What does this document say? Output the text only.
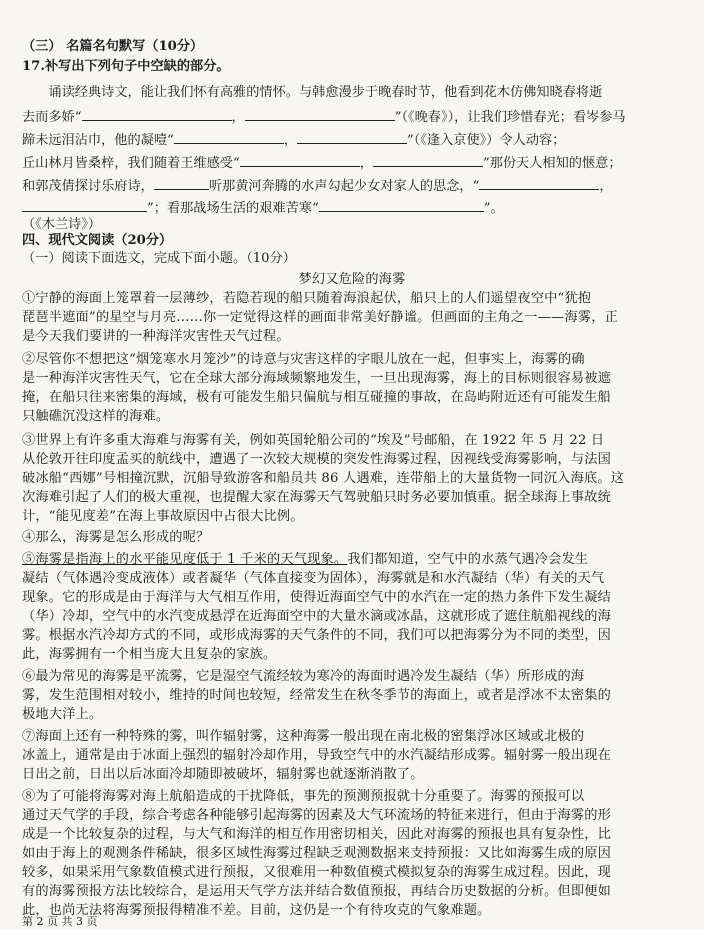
（三） 名篇名句默写（10分）
17.补写出下列句子中空缺的部分。
诵读经典诗文，能让我们怀有高雅的情怀。与韩愈漫步于晚春时节，他看到花木仿佛知晓春将逝
去而多娇“	，	”（《晚春》），让我们珍惜春光；看岑参马
蹄未远泪沾巾，他的凝噎“	，	”（《逢入京使》）令人动容；
丘山林月皆桑梓，我们随着王维感受“	，	”那份天人相知的惬意；
和郭茂倩探讨乐府诗，	听那黄河奔腾的水声勾起少女对家人的思念，“	，
”；看那战场生活的艰难苦寒“	”。
（《木兰诗》）
四、现代文阅读（20分）
（一）阅读下面选文，完成下面小题。（10分）
梦幻又危险的海雾
①宁静的海面上笼罩着一层薄纱，若隐若现的船只随着海浪起伏，船只上的人们遥望夜空中“犹抱
琵琶半遮面”的星空与月亮……你一定觉得这样的画面非常美好静谧。但画面的主角之一——海雾，正
是今天我们要讲的一种海洋灾害性天气过程。
②尽管你不想把这“烟笼寒水月笼沙”的诗意与灾害这样的字眼儿放在一起，但事实上，海雾的确
是一种海洋灾害性天气，它在全球大部分海域频繁地发生，一旦出现海雾，海上的目标则很容易被遮
掩，在船只往来密集的海域，极有可能发生船只偏航与相互碰撞的事故，在岛屿附近还有可能发生船
只触礁沉没这样的海难。
③世界上有许多重大海难与海雾有关，例如英国轮船公司的“埃及”号邮船，在 1922 年 5 月 22 日
从伦敦开往印度孟买的航线中，遭遇了一次较大规模的突发性海雾过程，因视线受海雾影响，与法国
破冰船“西娜”号相撞沉默，沉船导致游客和船员共 86 人遇难，连带船上的大量货物一同沉入海底。这
次海难引起了人们的极大重视，也提醒大家在海雾天气驾驶船只时务必要加慎重。据全球海上事故统
计，“能见度差”在海上事故原因中占很大比例。
④那么，海雾是怎么形成的呢？
⑤海雾是指海上的水平能见度低于 1 千米的天气现象。我们都知道，空气中的水蒸气遇冷会发生
凝结（气体遇冷变成液体）或者凝华（气体直接变为固体），海雾就是和水汽凝结（华）有关的天气
现象。它的形成是由于海洋与大气相互作用，使得近海面空气中的水汽在一定的热力条件下发生凝结
（华）冷却，空气中的水汽变成悬浮在近海面空中的大量水滴或冰晶，这就形成了遮住航船视线的海
雾。根据水汽冷却方式的不同，或形成海雾的天气条件的不同，我们可以把海雾分为不同的类型，因
此，海雾拥有一个相当庞大且复杂的家族。
⑥最为常见的海雾是平流雾，它是湿空气流经较为寒冷的海面时遇冷发生凝结（华）所形成的海
雾，发生范围相对较小，维持的时间也较短，经常发生在秋冬季节的海面上，或者是浮冰不太密集的
极地大洋上。
⑦海面上还有一种特殊的雾，叫作辐射雾，这种海雾一般出现在南北极的密集浮冰区域或北极的
冰盖上，通常是由于冰面上强烈的辐射冷却作用，导致空气中的水汽凝结形成雾。辐射雾一般出现在
日出之前，日出以后冰面冷却随即被破坏，辐射雾也就逐渐消散了。
⑧为了可能将海雾对海上航船造成的干扰降低，事先的预测预报就十分重要了。海雾的预报可以
通过天气学的手段，综合考虑各种能够引起海雾的因素及大气环流场的特征来进行，但由于海雾的形
成是一个比较复杂的过程，与大气和海洋的相互作用密切相关，因此对海雾的预报也具有复杂性，比
如由于海上的观测条件稀缺，很多区域性海雾过程缺乏观测数据来支持预报：又比如海雾生成的原因
较多，如果采用气象数值模式进行预报，又很难用一种数值模式模拟复杂的海雾生成过程。因此，现
有的海雾预报方法比较综合，是运用天气学方法并结合数值预报，再结合历史数据的分析。但即便如
此，也尚无法将海雾预报得精准不差。目前，这仍是一个有待攻克的气象难题。
第 2 页 共 3 页
